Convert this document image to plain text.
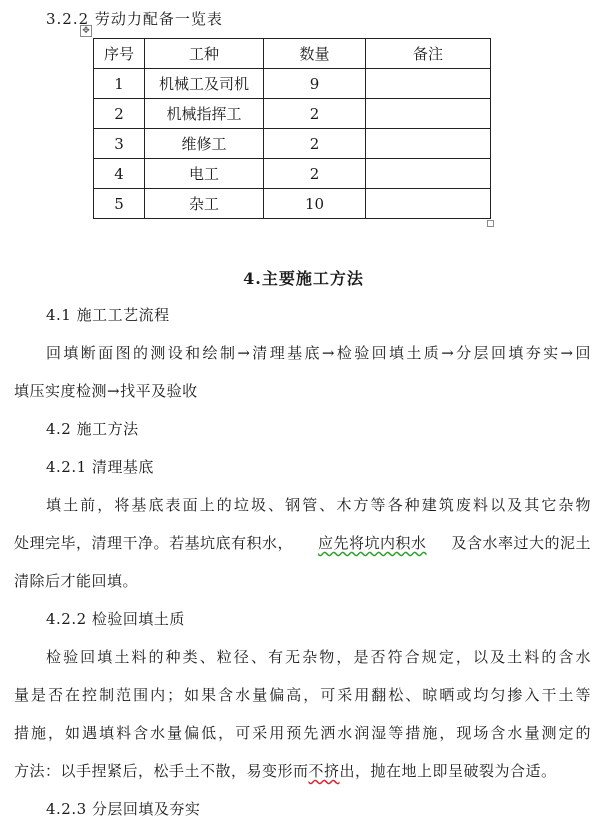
3.2.2 劳动力配备一览表
✥
序号	工种	数量	备注
1	机械工及司机	9	
2	机械指挥工	2	
3	维修工	2	
4	电工	2	
5	杂工	10	
4.主要施工方法
4.1 施工工艺流程
回填断面图的测设和绘制→清理基底→检验回填土质→分层回填夯实→回
填压实度检测→找平及验收
4.2 施工方法
4.2.1 清理基底
填土前，将基底表面上的垃圾、钢管、木方等各种建筑废料以及其它杂物
处理完毕，清理干净。若基坑底有积水， 应先将坑内积水 及含水率过大的泥土
清除后才能回填。
4.2.2 检验回填土质
检验回填土料的种类、粒径、有无杂物，是否符合规定，以及土料的含水
量是否在控制范围内；如果含水量偏高，可采用翻松、晾晒或均匀掺入干土等
措施，如遇填料含水量偏低，可采用预先洒水润湿等措施，现场含水量测定的
方法：以手捏紧后，松手土不散，易变形而不挤出，抛在地上即呈破裂为合适。
4.2.3 分层回填及夯实
